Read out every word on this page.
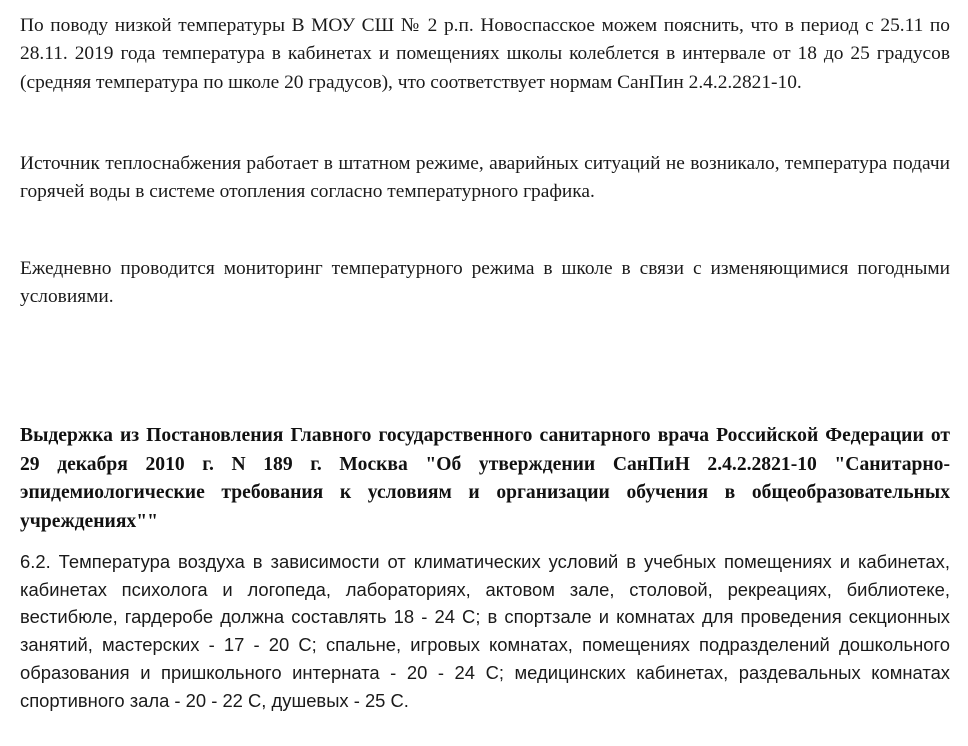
По поводу низкой температуры В МОУ СШ № 2 р.п. Новоспасское можем пояснить, что в период с 25.11 по 28.11. 2019 года температура в кабинетах и помещениях школы колеблется в интервале от 18 до 25 градусов (средняя температура по школе 20 градусов), что соответствует нормам СанПин 2.4.2.2821-10.

Источник теплоснабжения работает в штатном режиме, аварийных ситуаций не возникало, температура подачи горячей воды в системе отопления согласно температурного графика.

Ежедневно проводится мониторинг температурного режима в школе в связи с изменяющимися погодными условиями.

Выдержка из Постановления Главного государственного санитарного врача Российской Федерации от 29 декабря 2010 г. N 189 г. Москва "Об утверждении СанПиН 2.4.2.2821-10 "Санитарно-эпидемиологические требования к условиям и организации обучения в общеобразовательных учреждениях""

6.2. Температура воздуха в зависимости от климатических условий в учебных помещениях и кабинетах, кабинетах психолога и логопеда, лабораториях, актовом зале, столовой, рекреациях, библиотеке, вестибюле, гардеробе должна составлять 18 - 24 С; в спортзале и комнатах для проведения секционных занятий, мастерских - 17 - 20 С; спальне, игровых комнатах, помещениях подразделений дошкольного образования и пришкольного интерната - 20 - 24 С; медицинских кабинетах, раздевальных комнатах спортивного зала - 20 - 22 С, душевых - 25 С.
